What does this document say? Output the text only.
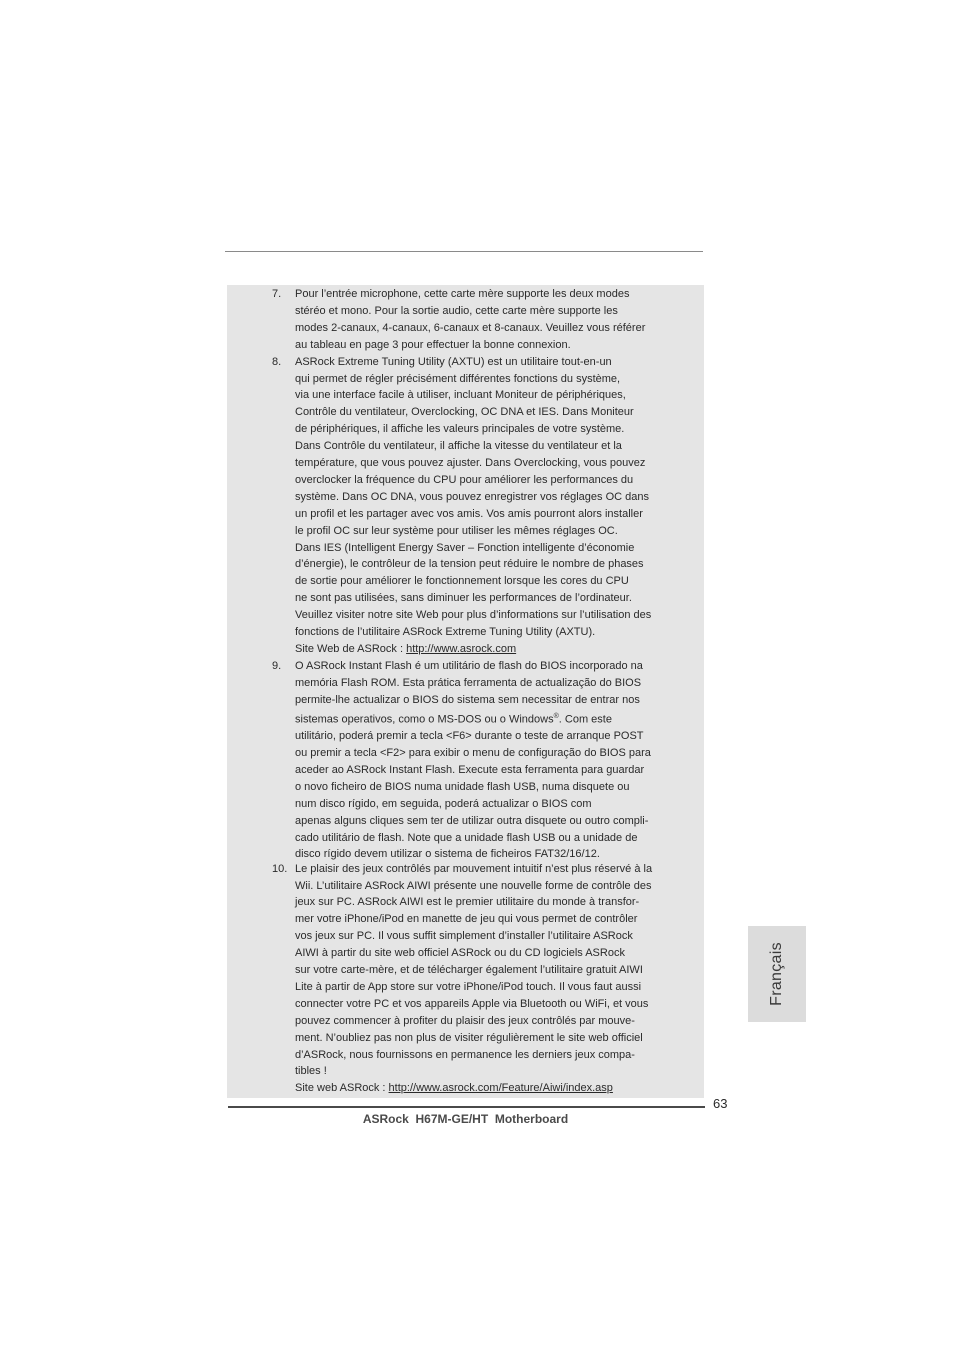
7. Pour l’entrée microphone, cette carte mère supporte les deux modes
stéréo et mono. Pour la sortie audio, cette carte mère supporte les
modes 2-canaux, 4-canaux, 6-canaux et 8-canaux. Veuillez vous référer
au tableau en page 3 pour effectuer la bonne connexion.
8. ASRock Extreme Tuning Utility (AXTU) est un utilitaire tout-en-un
qui permet de régler précisément différentes fonctions du système,
via une interface facile à utiliser, incluant Moniteur de périphériques,
Contrôle du ventilateur, Overclocking, OC DNA et IES. Dans Moniteur
de périphériques, il affiche les valeurs principales de votre système.
Dans Contrôle du ventilateur, il affiche la vitesse du ventilateur et la
température, que vous pouvez ajuster. Dans Overclocking, vous pouvez
overclocker la fréquence du CPU pour améliorer les performances du
système. Dans OC DNA, vous pouvez enregistrer vos réglages OC dans
un profil et les partager avec vos amis. Vos amis pourront alors installer
le profil OC sur leur système pour utiliser les mêmes réglages OC.
Dans IES (Intelligent Energy Saver – Fonction intelligente d’économie
d’énergie), le contrôleur de la tension peut réduire le nombre de phases
de sortie pour améliorer le fonctionnement lorsque les cores du CPU
ne sont pas utilisées, sans diminuer les performances de l’ordinateur.
Veuillez visiter notre site Web pour plus d’informations sur l’utilisation des
fonctions de l’utilitaire ASRock Extreme Tuning Utility (AXTU).
Site Web de ASRock : http://www.asrock.com
9. O ASRock Instant Flash é um utilitário de flash do BIOS incorporado na
memória Flash ROM. Esta prática ferramenta de actualização do BIOS
permite-lhe actualizar o BIOS do sistema sem necessitar de entrar nos
sistemas operativos, como o MS-DOS ou o Windows®. Com este
utilitário, poderá premir a tecla <F6> durante o teste de arranque POST
ou premir a tecla <F2> para exibir o menu de configuração do BIOS para
aceder ao ASRock Instant Flash. Execute esta ferramenta para guardar
o novo ficheiro de BIOS numa unidade flash USB, numa disquete ou
num disco rígido, em seguida, poderá actualizar o BIOS com
apenas alguns cliques sem ter de utilizar outra disquete ou outro compli-
cado utilitário de flash. Note que a unidade flash USB ou a unidade de
disco rígido devem utilizar o sistema de ficheiros FAT32/16/12.
10. Le plaisir des jeux contrôlés par mouvement intuitif n’est plus réservé à la
Wii. L’utilitaire ASRock AIWI présente une nouvelle forme de contrôle des
jeux sur PC. ASRock AIWI est le premier utilitaire du monde à transfor-
mer votre iPhone/iPod en manette de jeu qui vous permet de contrôler
vos jeux sur PC. Il vous suffit simplement d’installer l’utilitaire ASRock
AIWI à partir du site web officiel ASRock ou du CD logiciels ASRock
sur votre carte-mère, et de télécharger également l’utilitaire gratuit AIWI
Lite à partir de App store sur votre iPhone/iPod touch. Il vous faut aussi
connecter votre PC et vos appareils Apple via Bluetooth ou WiFi, et vous
pouvez commencer à profiter du plaisir des jeux contrôlés par mouve-
ment. N’oubliez pas non plus de visiter régulièrement le site web officiel
d’ASRock, nous fournissons en permanence les derniers jeux compa-
tibles !
Site web ASRock : http://www.asrock.com/Feature/Aiwi/index.asp
Français
63
ASRock  H67M-GE/HT  Motherboard
